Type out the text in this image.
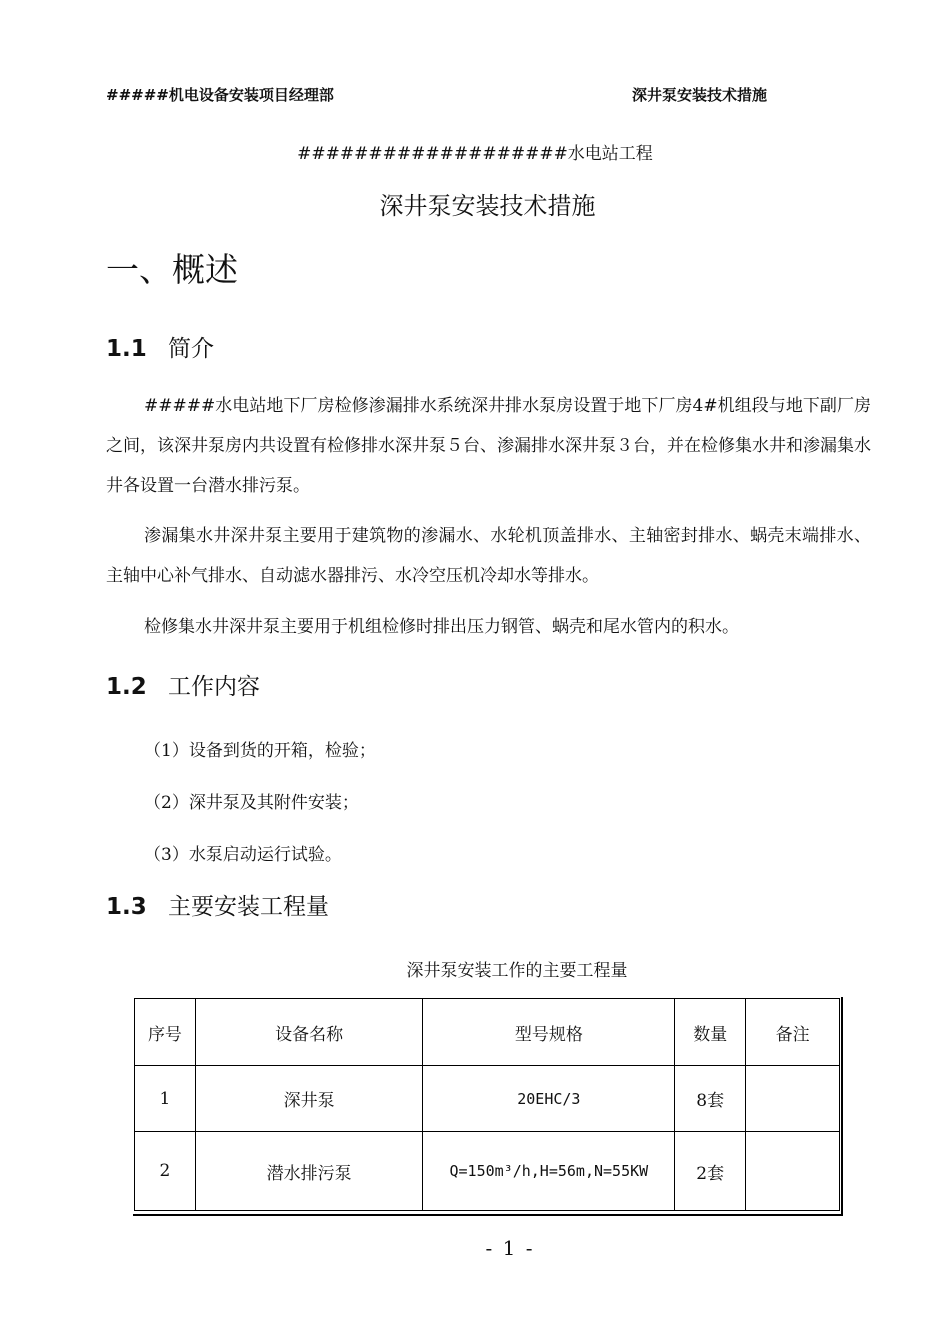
#####机电设备安装项目经理部	深井泵安装技术措施
###################水电站工程
深井泵安装技术措施
一、概述
1.1 简介
#####水电站地下厂房检修渗漏排水系统深井排水泵房设置于地下厂房4#机组段与地下副厂房之间，该深井泵房内共设置有检修排水深井泵５台、渗漏排水深井泵３台，并在检修集水井和渗漏集水井各设置一台潜水排污泵。
渗漏集水井深井泵主要用于建筑物的渗漏水、水轮机顶盖排水、主轴密封排水、蜗壳末端排水、主轴中心补气排水、自动滤水器排污、水冷空压机冷却水等排水。
检修集水井深井泵主要用于机组检修时排出压力钢管、蜗壳和尾水管内的积水。
1.2 工作内容
（1）设备到货的开箱，检验；
（2）深井泵及其附件安装；
（3）水泵启动运行试验。
1.3 主要安装工程量
深井泵安装工作的主要工程量
序号	设备名称	型号规格	数量	备注
1	深井泵	20EHC/3	8套	
2	潜水排污泵	Q=150m³/h,H=56m,N=55KW	2套	
- 1 -
